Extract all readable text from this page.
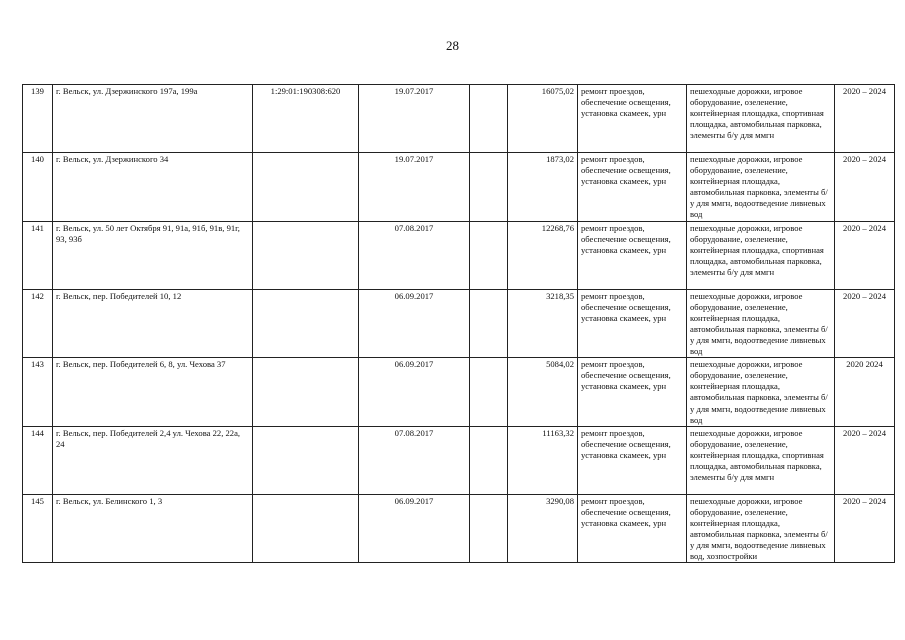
28
139	г. Вельск, ул. Дзержинского 197а, 199а	1:29:01:190308:620	19.07.2017		16075,02	ремонт проездов, обеспечение освещения, установка скамеек, урн	пешеходные дорожки, игровое оборудование, озеленение, контейнерная площадка, спортивная площадка, автомобильная парковка, элементы б/у для ммгн	2020 – 2024
140	г. Вельск, ул. Дзержинского 34		19.07.2017		1873,02	ремонт проездов, обеспечение освещения, установка скамеек, урн	пешеходные дорожки, игровое оборудование, озеленение, контейнерная площадка, автомобильная парковка, элементы б/у для ммгн, водоотведение ливневых вод	2020 – 2024
141	г. Вельск, ул. 50 лет Октября 91, 91а, 91б, 91в, 91г, 93, 93б		07.08.2017		12268,76	ремонт проездов, обеспечение освещения, установка скамеек, урн	пешеходные дорожки, игровое оборудование, озеленение, контейнерная площадка, спортивная площадка, автомобильная парковка, элементы б/у для ммгн	2020 – 2024
142	г. Вельск, пер. Победителей 10, 12		06.09.2017		3218,35	ремонт проездов, обеспечение освещения, установка скамеек, урн	пешеходные дорожки, игровое оборудование, озеленение, контейнерная площадка, автомобильная парковка, элементы б/у для ммгн, водоотведение ливневых вод	2020 – 2024
143	г. Вельск, пер. Победителей 6, 8, ул. Чехова 37		06.09.2017		5084,02	ремонт проездов, обеспечение освещения, установка скамеек, урн	пешеходные дорожки, игровое оборудование, озеленение, контейнерная площадка, автомобильная парковка, элементы б/у для ммгн, водоотведение ливневых вод	2020 2024
144	г. Вельск, пер. Победителей 2,4 ул. Чехова 22, 22а, 24		07.08.2017		11163,32	ремонт проездов, обеспечение освещения, установка скамеек, урн	пешеходные дорожки, игровое оборудование, озеленение, контейнерная площадка, спортивная площадка, автомобильная парковка, элементы б/у для ммгн	2020 – 2024
145	г. Вельск, ул. Белинского 1, 3		06.09.2017		3290,08	ремонт проездов, обеспечение освещения, установка скамеек, урн	пешеходные дорожки, игровое оборудование, озеленение, контейнерная площадка, автомобильная парковка, элементы б/у для ммгн, водоотведение ливневых вод, хозпостройки	2020 – 2024
